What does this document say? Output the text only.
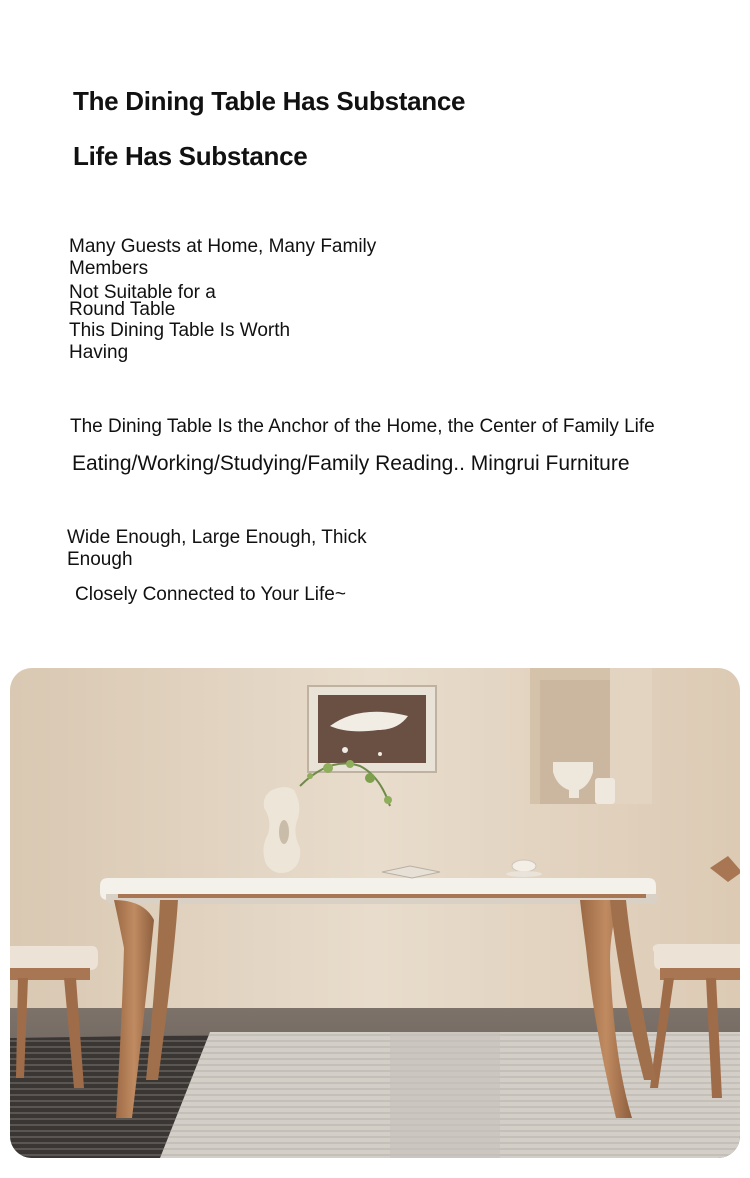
The Dining Table Has Substance
Life Has Substance

Many Guests at Home, Many Family Members

Not Suitable for a Round Table

This Dining Table Is Worth Having

The Dining Table Is the Anchor of the Home, the Center of Family Life

Eating/Working/Studying/Family Reading.. Mingrui Furniture

Wide Enough, Large Enough, Thick Enough

Closely Connected to Your Life~
